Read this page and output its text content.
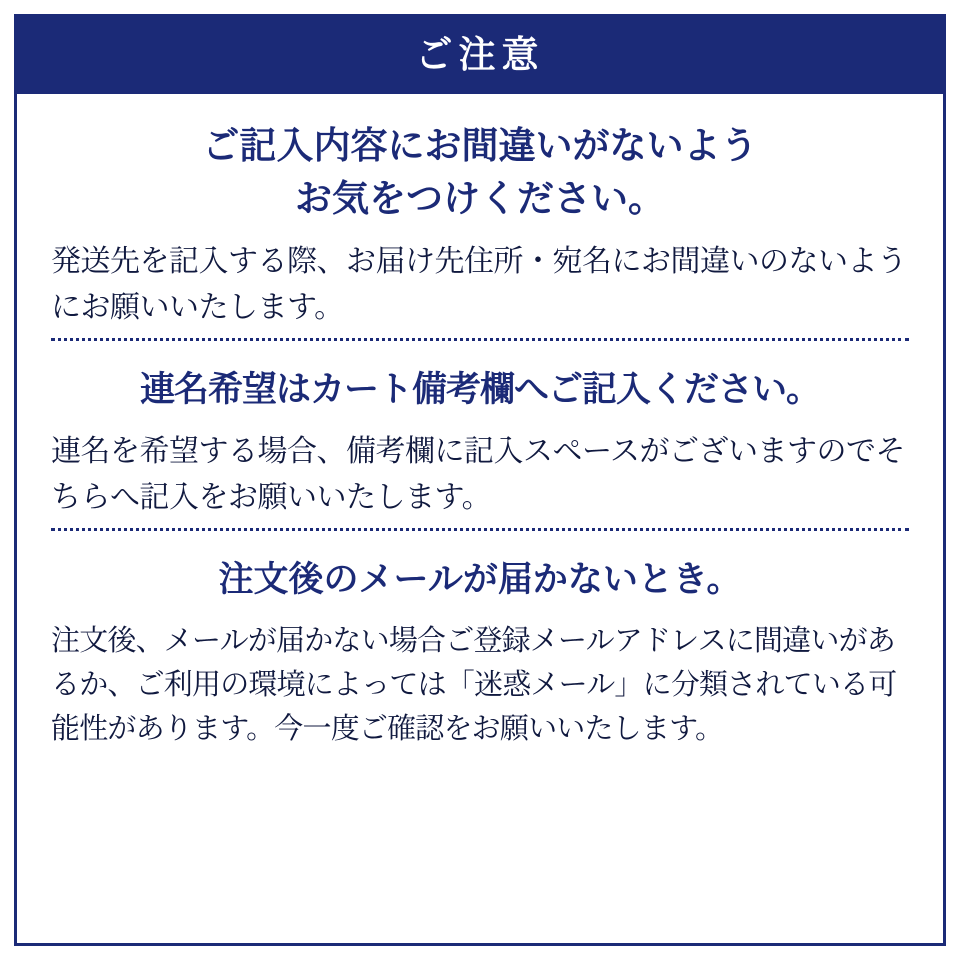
ご注意
ご記入内容にお間違いがないよう
お気をつけください。

発送先を記入する際、お届け先住所・宛名にお間違いのないようにお願いいたします。

連名希望はカート備考欄へご記入ください。

連名を希望する場合、備考欄に記入スペースがございますのでそちらへ記入をお願いいたします。

注文後のメールが届かないとき。

注文後、メールが届かない場合ご登録メールアドレスに間違いがあるか、ご利用の環境によっては「迷惑メール」に分類されている可能性があります。今一度ご確認をお願いいたします。
